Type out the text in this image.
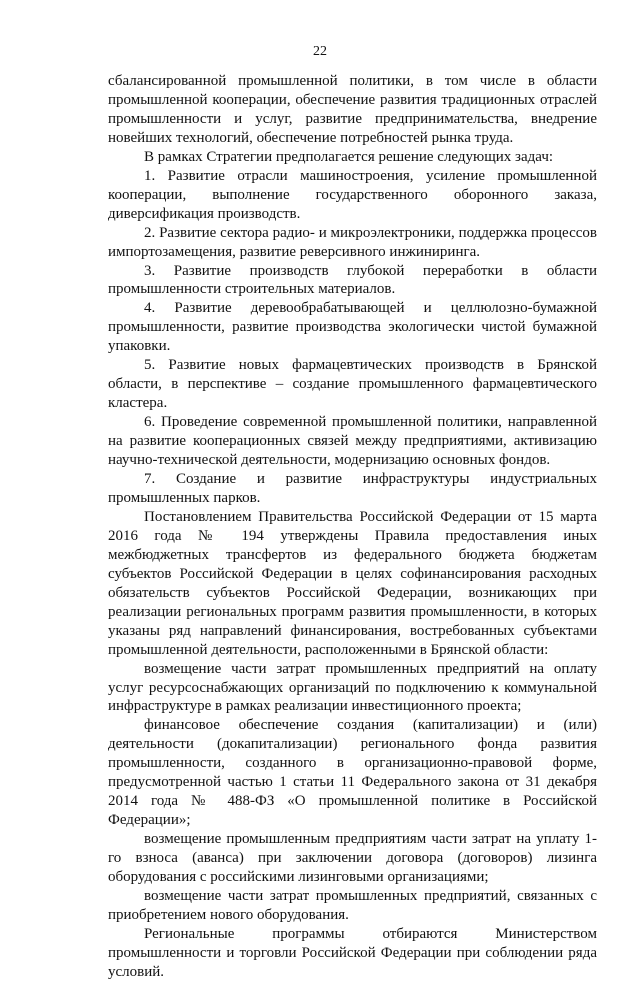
22

сбалансированной промышленной политики, в том числе в области промышленной кооперации, обеспечение развития традиционных отраслей промышленности и услуг, развитие предпринимательства, внедрение новейших технологий, обеспечение потребностей рынка труда.

В рамках Стратегии предполагается решение следующих задач:

1. Развитие отрасли машиностроения, усиление промышленной кооперации, выполнение государственного оборонного заказа, диверсификация производств.

2. Развитие сектора радио- и микроэлектроники, поддержка процессов импортозамещения, развитие реверсивного инжиниринга.

3. Развитие производств глубокой переработки в области промышленности строительных материалов.

4. Развитие деревообрабатывающей и целлюлозно-бумажной промышленности, развитие производства экологически чистой бумажной упаковки.

5. Развитие новых фармацевтических производств в Брянской области, в перспективе – создание промышленного фармацевтического кластера.

6. Проведение современной промышленной политики, направленной на развитие кооперационных связей между предприятиями, активизацию научно-технической деятельности, модернизацию основных фондов.

7. Создание и развитие инфраструктуры индустриальных промышленных парков.

Постановлением Правительства Российской Федерации от 15 марта 2016 года № 194 утверждены Правила предоставления иных межбюджетных трансфертов из федерального бюджета бюджетам субъектов Российской Федерации в целях софинансирования расходных обязательств субъектов Российской Федерации, возникающих при реализации региональных программ развития промышленности, в которых указаны ряд направлений финансирования, востребованных субъектами промышленной деятельности, расположенными в Брянской области:

возмещение части затрат промышленных предприятий на оплату услуг ресурсоснабжающих организаций по подключению к коммунальной инфраструктуре в рамках реализации инвестиционного проекта;

финансовое обеспечение создания (капитализации) и (или) деятельности (докапитализации) регионального фонда развития промышленности, созданного в организационно-правовой форме, предусмотренной частью 1 статьи 11 Федерального закона от 31 декабря 2014 года № 488-ФЗ «О промышленной политике в Российской Федерации»;

возмещение промышленным предприятиям части затрат на уплату 1-го взноса (аванса) при заключении договора (договоров) лизинга оборудования с российскими лизинговыми организациями;

возмещение части затрат промышленных предприятий, связанных с приобретением нового оборудования.

Региональные программы отбираются Министерством промышленности и торговли Российской Федерации при соблюдении ряда условий.
